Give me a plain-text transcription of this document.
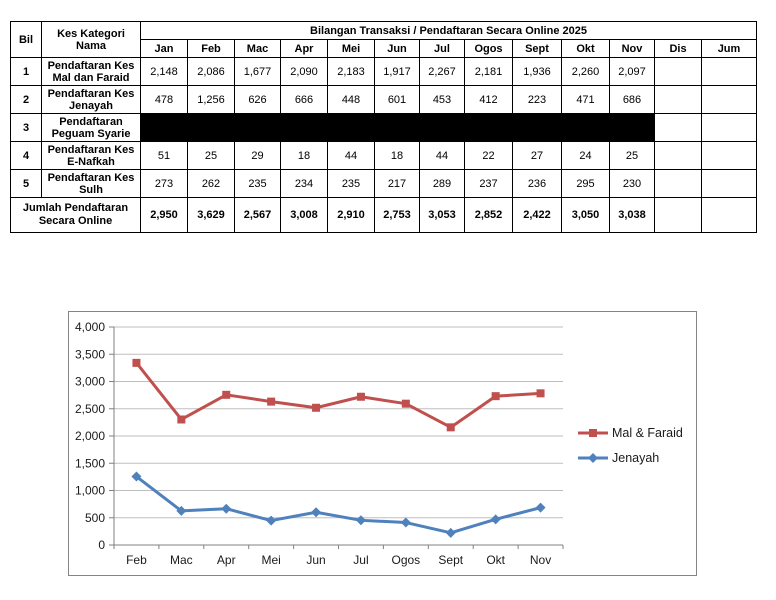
Bil	Kes Kategori Nama	Bilangan Transaksi / Pendaftaran Secara Online 2025												
		Jan	Feb	Mac	Apr	Mei	Jun	Jul	Ogos	Sept	Okt	Nov	Dis	Jum
1	Pendaftaran Kes Mal dan Faraid	2,148	2,086	1,677	2,090	2,183	1,917	2,267	2,181	1,936	2,260	2,097		
2	Pendaftaran Kes Jenayah	478	1,256	626	666	448	601	453	412	223	471	686		
3	Pendaftaran Peguam Syarie													
4	Pendaftaran Kes E-Nafkah	51	25	29	18	44	18	44	22	27	24	25		
5	Pendaftaran Kes Sulh	273	262	235	234	235	217	289	237	236	295	230		
Jumlah Pendaftaran Secara Online		2,950	3,629	2,567	3,008	2,910	2,753	3,053	2,852	2,422	3,050	3,038		
0
500
1,000
1,500
2,000
2,500
3,000
3,500
4,000
Feb Mac Apr Mei Jun Jul Ogos Sept Okt Nov
Mal & Faraid
Jenayah
